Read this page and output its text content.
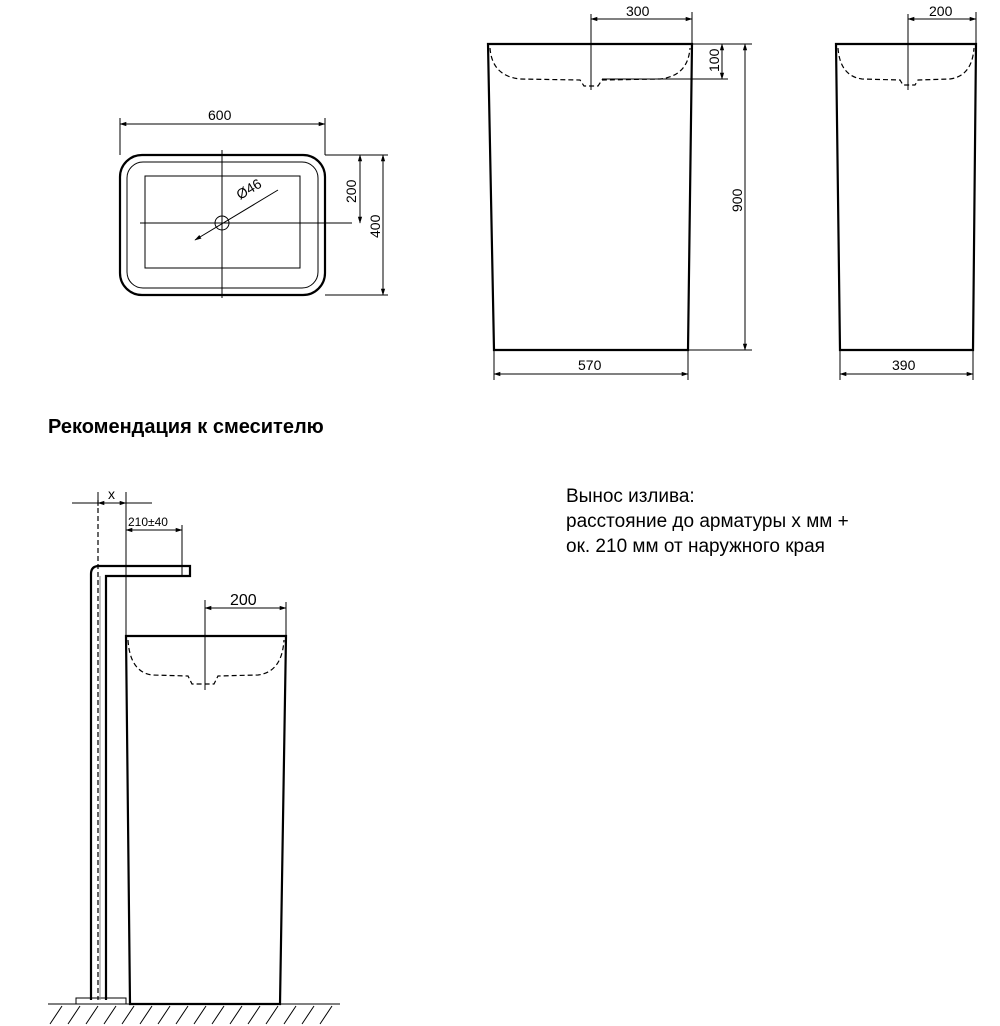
Ø46
600
400
200
300
100
900
570
200
390
x
210±40
200
Рекомендация к смесителю
Вынос излива:
расстояние до арматуры x мм +
ок. 210 мм от наружного края
